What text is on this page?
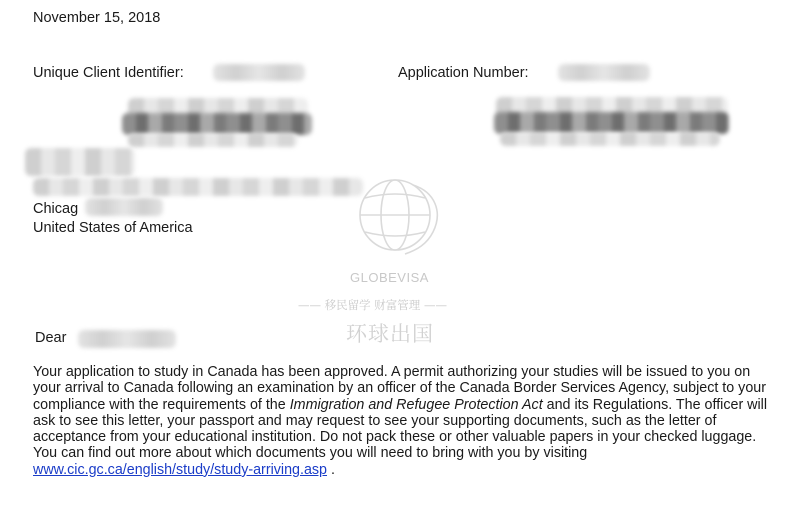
November 15, 2018
Unique Client Identifier:	Application Number:
Chicag
United States of America
GLOBEVISA
—— 移民留学 财富管理 ——
环球出国
Dear
Your application to study in Canada has been approved. A permit authorizing your studies will be issued to you on your arrival to Canada following an examination by an officer of the Canada Border Services Agency, subject to your compliance with the requirements of the Immigration and Refugee Protection Act and its Regulations. The officer will ask to see this letter, your passport and may request to see your supporting documents, such as the letter of acceptance from your educational institution. Do not pack these or other valuable papers in your checked luggage. You can find out more about which documents you will need to bring with you by visiting
www.cic.gc.ca/english/study/study-arriving.asp .
